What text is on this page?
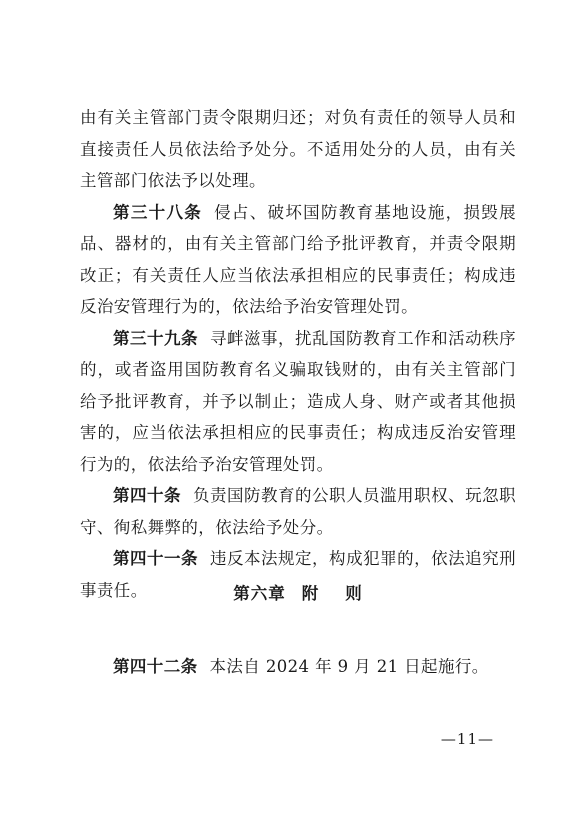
由有关主管部门责令限期归还；对负有责任的领导人员和直接责任人员依法给予处分。不适用处分的人员，由有关主管部门依法予以处理。

第三十八条 侵占、破坏国防教育基地设施，损毁展品、器材的，由有关主管部门给予批评教育，并责令限期改正；有关责任人应当依法承担相应的民事责任；构成违反治安管理行为的，依法给予治安管理处罚。

第三十九条 寻衅滋事，扰乱国防教育工作和活动秩序的，或者盗用国防教育名义骗取钱财的，由有关主管部门给予批评教育，并予以制止；造成人身、财产或者其他损害的，应当依法承担相应的民事责任；构成违反治安管理行为的，依法给予治安管理处罚。

第四十条 负责国防教育的公职人员滥用职权、玩忽职守、徇私舞弊的，依法给予处分。

第四十一条 违反本法规定，构成犯罪的，依法追究刑事责任。	第六章 附 则

第四十二条 本法自 2024 年 9 月 21 日起施行。

—11—
